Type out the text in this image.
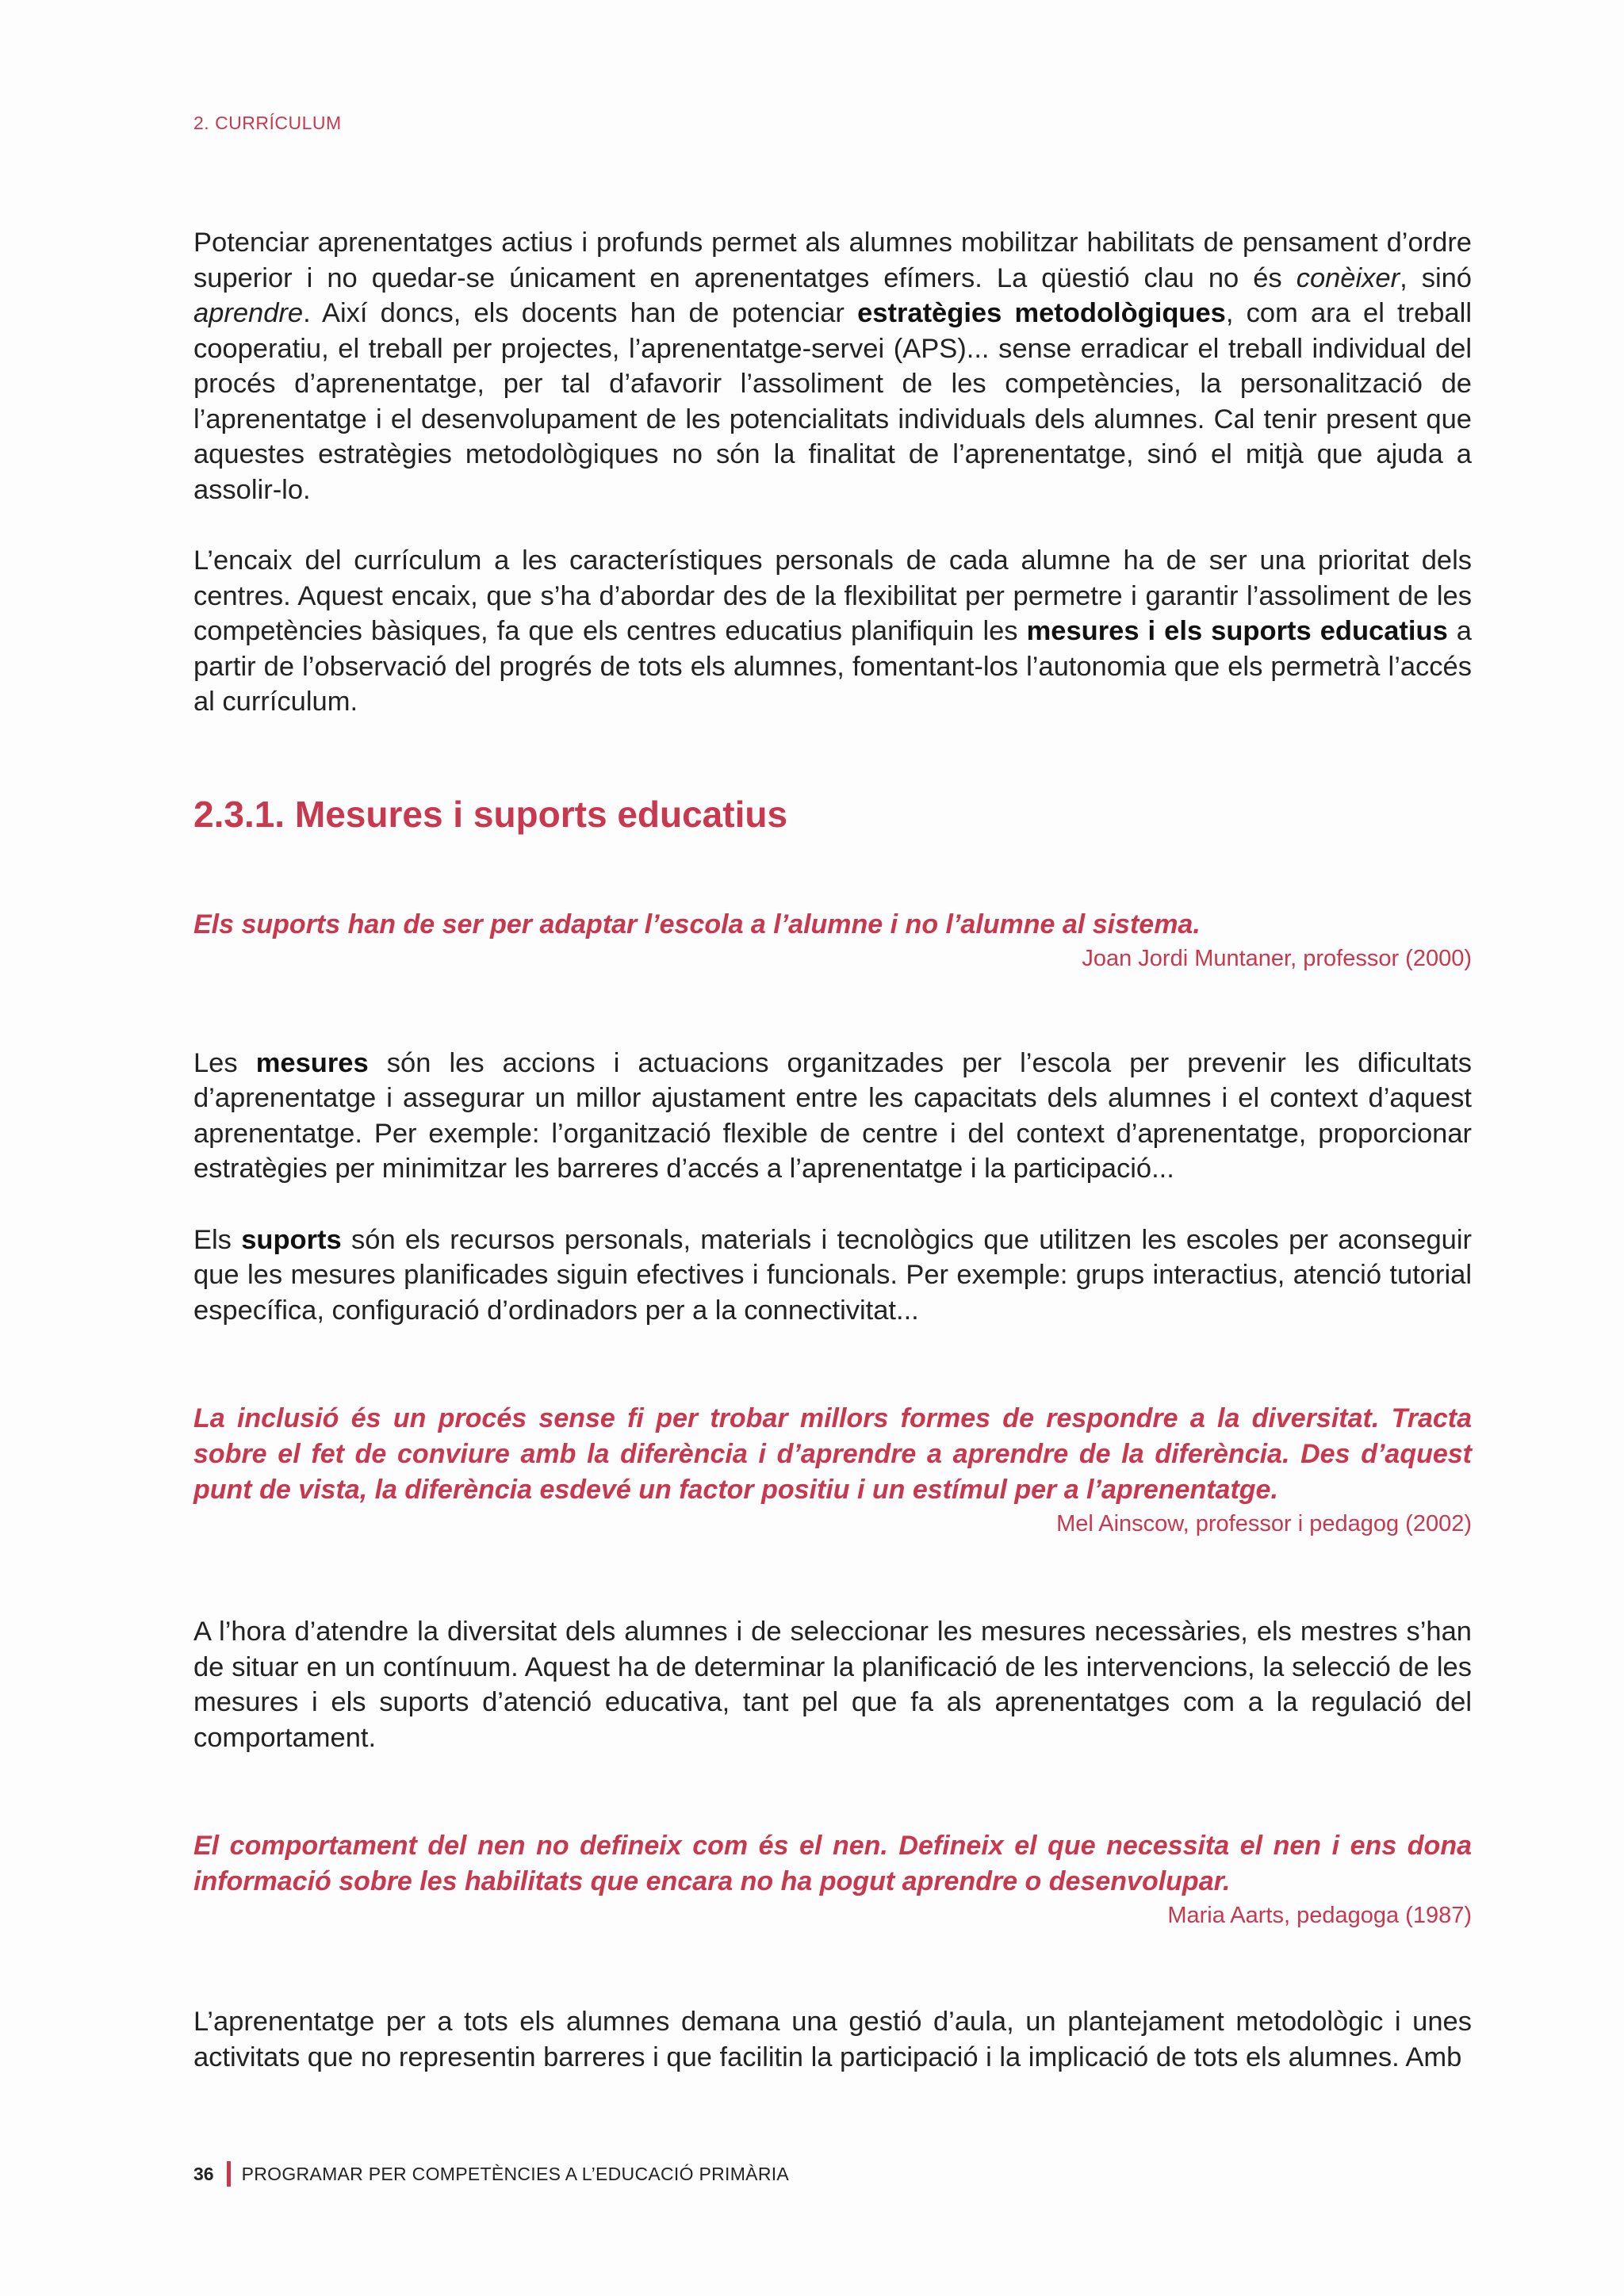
2. CURRÍCULUM

Potenciar aprenentatges actius i profunds permet als alumnes mobilitzar habilitats de pensament d’ordre superior i no quedar-se únicament en aprenentatges efímers. La qüestió clau no és conèixer, sinó aprendre. Així doncs, els docents han de potenciar estratègies metodològiques, com ara el treball cooperatiu, el treball per projectes, l’aprenentatge-servei (APS)... sense erradicar el treball individual del procés d’aprenentatge, per tal d’afavorir l’assoliment de les competències, la personalització de l’aprenentatge i el desenvolupament de les potencialitats individuals dels alumnes. Cal tenir present que aquestes estratègies metodològiques no són la finalitat de l’aprenentatge, sinó el mitjà que ajuda a assolir-lo.

L’encaix del currículum a les característiques personals de cada alumne ha de ser una prioritat dels centres. Aquest encaix, que s’ha d’abordar des de la flexibilitat per permetre i garantir l’assoliment de les competències bàsiques, fa que els centres educatius planifiquin les mesures i els suports educatius a partir de l’observació del progrés de tots els alumnes, fomentant-los l’autonomia que els permetrà l’accés al currículum.

2.3.1. Mesures i suports educatius

Els suports han de ser per adaptar l’escola a l’alumne i no l’alumne al sistema.

Joan Jordi Muntaner, professor (2000)

Les mesures són les accions i actuacions organitzades per l’escola per prevenir les dificultats d’aprenentatge i assegurar un millor ajustament entre les capacitats dels alumnes i el context d’aquest aprenentatge. Per exemple: l’organització flexible de centre i del context d’aprenentatge, proporcionar estratègies per minimitzar les barreres d’accés a l’aprenentatge i la participació...

Els suports són els recursos personals, materials i tecnològics que utilitzen les escoles per aconseguir que les mesures planificades siguin efectives i funcionals. Per exemple: grups interactius, atenció tutorial específica, configuració d’ordinadors per a la connectivitat...

La inclusió és un procés sense fi per trobar millors formes de respondre a la diversitat. Tracta sobre el fet de conviure amb la diferència i d’aprendre a aprendre de la diferència. Des d’aquest punt de vista, la diferència esdevé un factor positiu i un estímul per a l’aprenentatge.

Mel Ainscow, professor i pedagog (2002)

A l’hora d’atendre la diversitat dels alumnes i de seleccionar les mesures necessàries, els mestres s’han de situar en un contínuum. Aquest ha de determinar la planificació de les intervencions, la selecció de les mesures i els suports d’atenció educativa, tant pel que fa als aprenentatges com a la regulació del comportament.

El comportament del nen no defineix com és el nen. Defineix el que necessita el nen i ens dona informació sobre les habilitats que encara no ha pogut aprendre o desenvolupar.

Maria Aarts, pedagoga (1987)

L’aprenentatge per a tots els alumnes demana una gestió d’aula, un plantejament metodològic i unes activitats que no representin barreres i que facilitin la participació i la implicació de tots els alumnes. Amb

36 PROGRAMAR PER COMPETÈNCIES A L’EDUCACIÓ PRIMÀRIA
